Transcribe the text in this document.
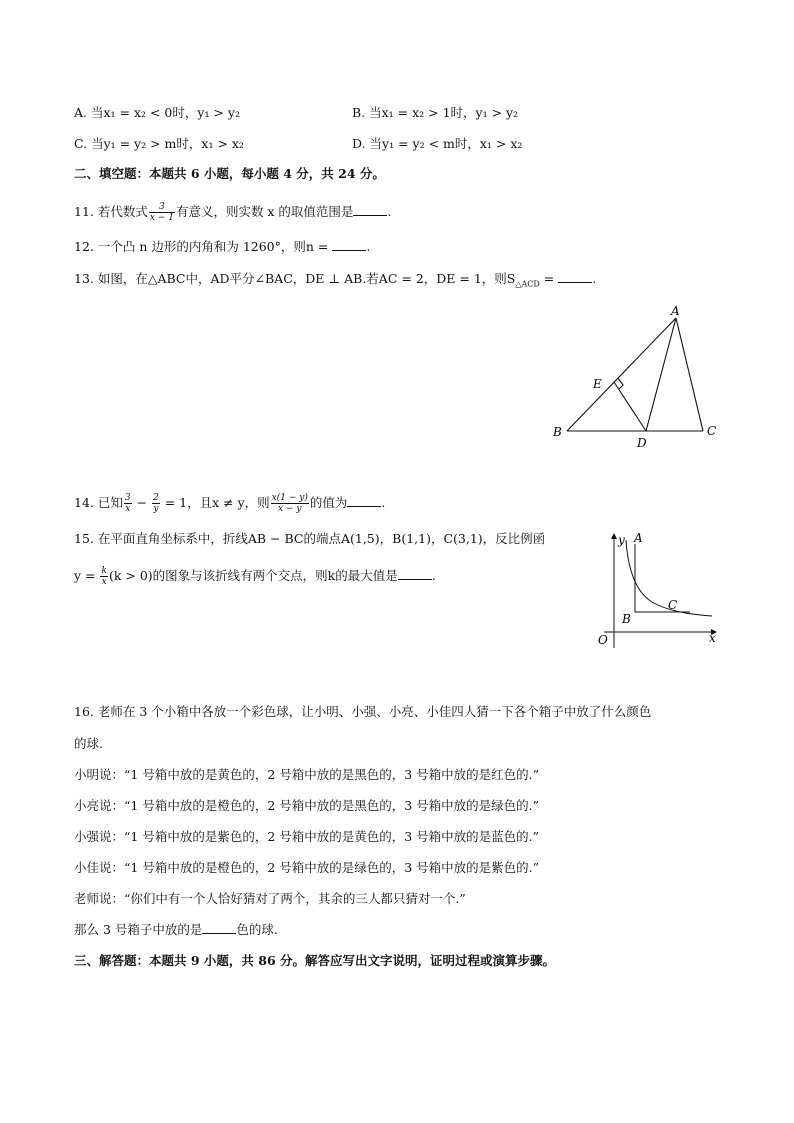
A. 当x₁ = x₂ < 0时，y₁ > y₂	B. 当x₁ = x₂ > 1时，y₁ > y₂
C. 当y₁ = y₂ > m时，x₁ > x₂	D. 当y₁ = y₂ < m时，x₁ > x₂
二、填空题：本题共 6 小题，每小题 4 分，共 24 分。
11. 若代数式 $\frac{3}{x - 1}$ 有意义，则实数 x 的取值范围是	.
12. 一个凸 n 边形的内角和为 1260°，则n =	.
13. 如图，在△ABC中，AD平分∠BAC，DE ⊥ AB.若AC = 2，DE = 1，则$S_{\triangle ACD}$ =	.
A
B	C
D
E
14. 已知 $\frac{3}{x} - \frac{2}{y} = 1$，且x ≠ y，则 $\frac{x(1 - y)}{x - y}$ 的值为	.
15. 在平面直角坐标系中，折线AB − BC的端点A(1,5)，B(1,1)，C(3,1)，反比例函
$y = \frac{k}{x} (k > 0)$的图象与该折线有两个交点，则k的最大值是	.
y
x
O
A
B
C
16. 老师在 3 个小箱中各放一个彩色球，让小明、小强、小亮、小佳四人猜一下各个箱子中放了什么颜色
的球.
小明说：“1 号箱中放的是黄色的，2 号箱中放的是黑色的，3 号箱中放的是红色的.”
小亮说：“1 号箱中放的是橙色的，2 号箱中放的是黑色的，3 号箱中放的是绿色的.”
小强说：“1 号箱中放的是紫色的，2 号箱中放的是黄色的，3 号箱中放的是蓝色的.”
小佳说：“1 号箱中放的是橙色的，2 号箱中放的是绿色的，3 号箱中放的是紫色的.”
老师说：“你们中有一个人恰好猜对了两个，其余的三人都只猜对一个.”
那么 3 号箱子中放的是	色的球.
三、解答题：本题共 9 小题，共 86 分。解答应写出文字说明，证明过程或演算步骤。
